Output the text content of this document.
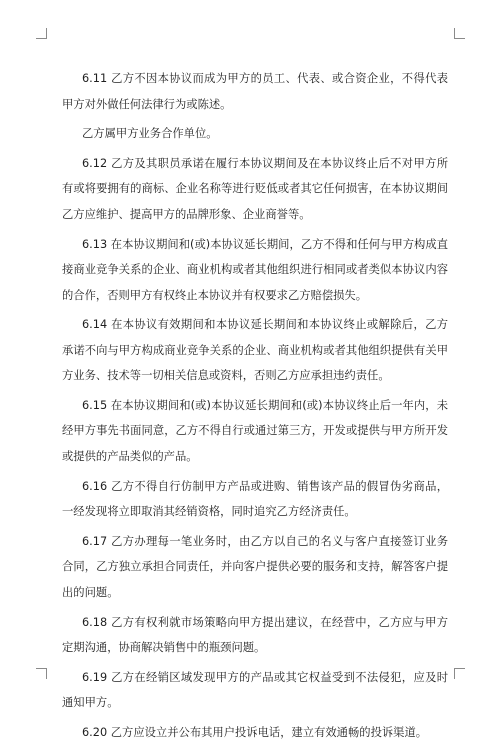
6.11 乙方不因本协议而成为甲方的员工、代表、或合资企业，不得代表甲方对外做任何法律行为或陈述。

乙方属甲方业务合作单位。

6.12 乙方及其职员承诺在履行本协议期间及在本协议终止后不对甲方所有或将要拥有的商标、企业名称等进行贬低或者其它任何损害，在本协议期间乙方应维护、提高甲方的品牌形象、企业商誉等。

6.13 在本协议期间和(或)本协议延长期间，乙方不得和任何与甲方构成直接商业竞争关系的企业、商业机构或者其他组织进行相同或者类似本协议内容的合作，否则甲方有权终止本协议并有权要求乙方赔偿损失。

6.14 在本协议有效期间和本协议延长期间和本协议终止或解除后，乙方承诺不向与甲方构成商业竞争关系的企业、商业机构或者其他组织提供有关甲方业务、技术等一切相关信息或资料，否则乙方应承担违约责任。

6.15 在本协议期间和(或)本协议延长期间和(或)本协议终止后一年内，未经甲方事先书面同意，乙方不得自行或通过第三方，开发或提供与甲方所开发或提供的产品类似的产品。

6.16 乙方不得自行仿制甲方产品或进购、销售该产品的假冒伪劣商品，一经发现将立即取消其经销资格，同时追究乙方经济责任。

6.17 乙方办理每一笔业务时，由乙方以自己的名义与客户直接签订业务合同，乙方独立承担合同责任，并向客户提供必要的服务和支持，解答客户提出的问题。

6.18 乙方有权利就市场策略向甲方提出建议，在经营中，乙方应与甲方定期沟通，协商解决销售中的瓶颈问题。

6.19 乙方在经销区域发现甲方的产品或其它权益受到不法侵犯，应及时通知甲方。

6.20 乙方应设立并公布其用户投诉电话，建立有效通畅的投诉渠道。
